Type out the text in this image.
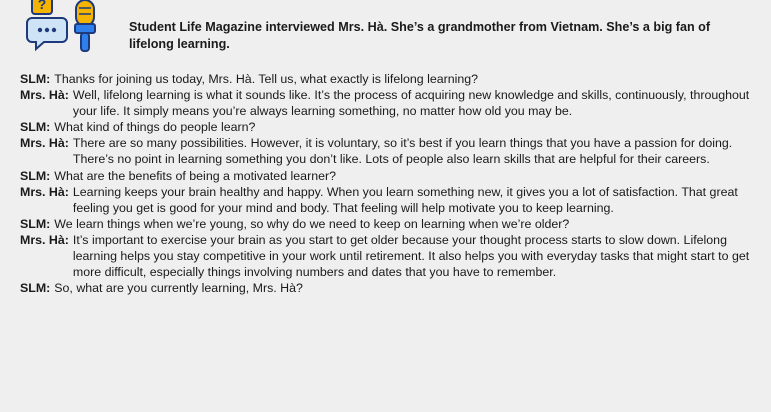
?

Student Life Magazine interviewed Mrs. Hà. She’s a grandmother from Vietnam. She’s a big fan of lifelong learning.

SLM: Thanks for joining us today, Mrs. Hà. Tell us, what exactly is lifelong learning?

Mrs. Hà: Well, lifelong learning is what it sounds like. It’s the process of acquiring new knowledge and skills, continuously, throughout your life. It simply means you’re always learning something, no matter how old you may be.

SLM: What kind of things do people learn?

Mrs. Hà: There are so many possibilities. However, it is voluntary, so it’s best if you learn things that you have a passion for doing. There’s no point in learning something you don’t like. Lots of people also learn skills that are helpful for their careers.

SLM: What are the benefits of being a motivated learner?

Mrs. Hà: Learning keeps your brain healthy and happy. When you learn something new, it gives you a lot of satisfaction. That great feeling you get is good for your mind and body. That feeling will help motivate you to keep learning.

SLM: We learn things when we’re young, so why do we need to keep on learning when we’re older?

Mrs. Hà: It’s important to exercise your brain as you start to get older because your thought process starts to slow down. Lifelong learning helps you stay competitive in your work until retirement. It also helps you with everyday tasks that might start to get more difficult, especially things involving numbers and dates that you have to remember.

SLM: So, what are you currently learning, Mrs. Hà?
